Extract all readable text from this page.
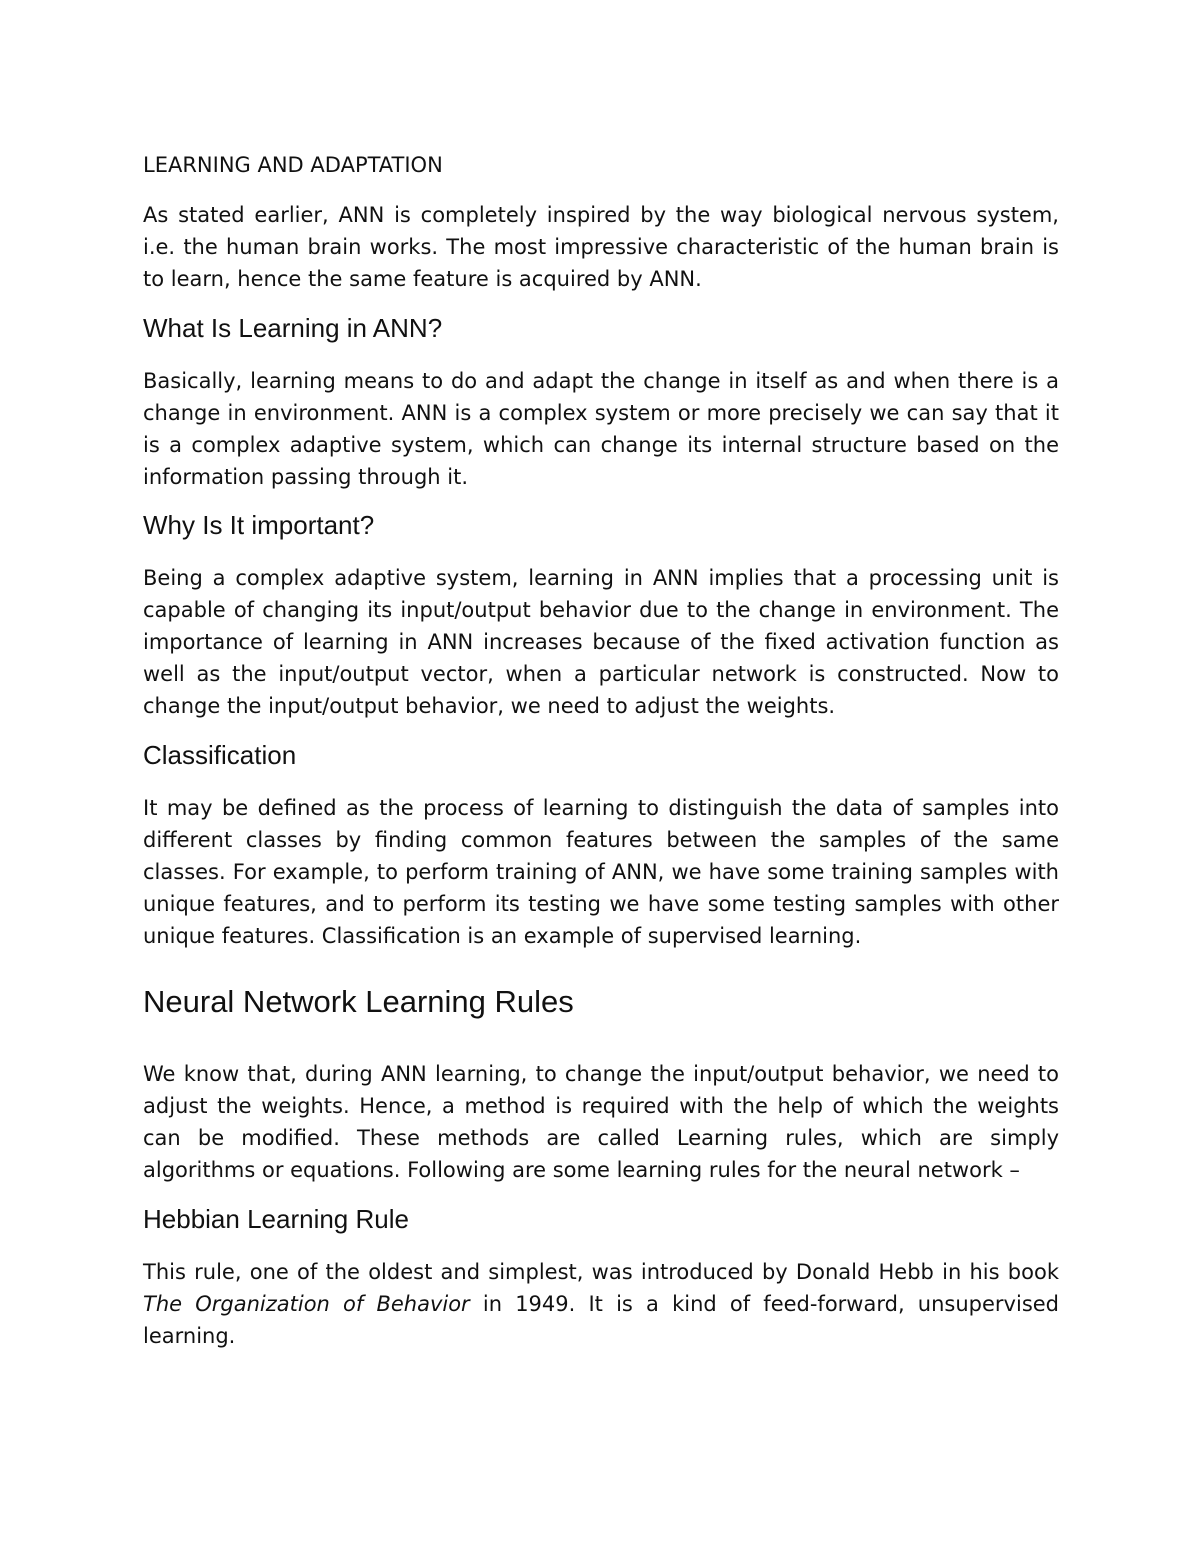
LEARNING AND ADAPTATION
As stated earlier, ANN is completely inspired by the way biological nervous system, i.e. the human brain works. The most impressive characteristic of the human brain is to learn, hence the same feature is acquired by ANN.
What Is Learning in ANN?
Basically, learning means to do and adapt the change in itself as and when there is a change in environment. ANN is a complex system or more precisely we can say that it is a complex adaptive system, which can change its internal structure based on the information passing through it.
Why Is It important?
Being a complex adaptive system, learning in ANN implies that a processing unit is capable of changing its input/output behavior due to the change in environment. The importance of learning in ANN increases because of the fixed activation function as well as the input/output vector, when a particular network is constructed. Now to change the input/output behavior, we need to adjust the weights.
Classification
It may be defined as the process of learning to distinguish the data of samples into different classes by finding common features between the samples of the same classes. For example, to perform training of ANN, we have some training samples with unique features, and to perform its testing we have some testing samples with other unique features. Classification is an example of supervised learning.
Neural Network Learning Rules
We know that, during ANN learning, to change the input/output behavior, we need to adjust the weights. Hence, a method is required with the help of which the weights can be modified. These methods are called Learning rules, which are simply algorithms or equations. Following are some learning rules for the neural network –
Hebbian Learning Rule
This rule, one of the oldest and simplest, was introduced by Donald Hebb in his book The Organization of Behavior in 1949. It is a kind of feed-forward, unsupervised learning.
